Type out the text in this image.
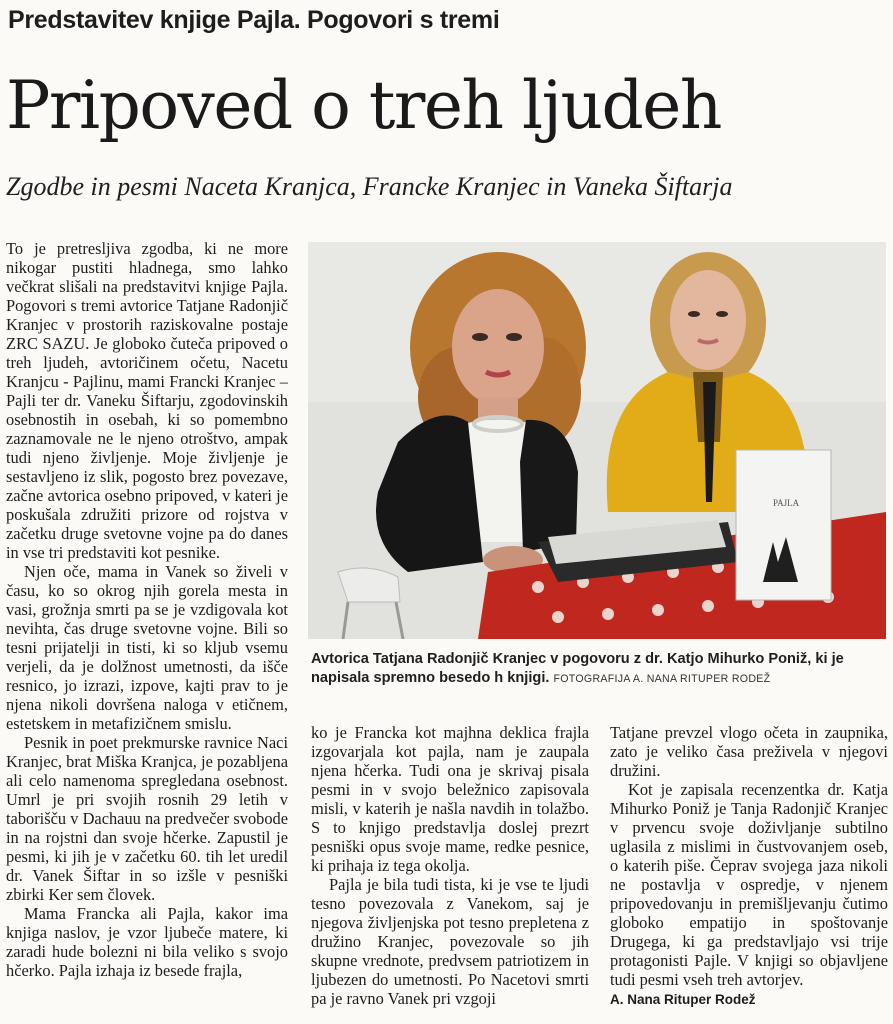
Predstavitev knjige Pajla. Pogovori s tremi
Pripoved o treh ljudeh
Zgodbe in pesmi Naceta Kranjca, Francke Kranjec in Vaneka Šiftarja

To je pretresljiva zgodba, ki ne more nikogar pustiti hladnega, smo lahko večkrat slišali na predstavitvi knjige Pajla. Pogovori s tremi avtorice Tatjane Radonjič Kranjec v prostorih raziskovalne postaje ZRC SAZU. Je globoko čuteča pripoved o treh ljudeh, avtoričinem očetu, Nacetu Kranjcu - Pajlinu, mami Francki Kranjec – Pajli ter dr. Vaneku Šiftarju, zgodovinskih osebnostih in osebah, ki so pomembno zaznamovale ne le njeno otroštvo, ampak tudi njeno življenje. Moje življenje je sestavljeno iz slik, pogosto brez povezave, začne avtorica osebno pripoved, v kateri je poskušala združiti prizore od rojstva v začetku druge svetovne vojne pa do danes in vse tri predstaviti kot pesnike.

Njen oče, mama in Vanek so živeli v času, ko so okrog njih gorela mesta in vasi, grožnja smrti pa se je vzdigovala kot nevihta, čas druge svetovne vojne. Bili so tesni prijatelji in tisti, ki so kljub vsemu verjeli, da je dolžnost umetnosti, da išče resnico, jo izrazi, izpove, kajti prav to je njena nikoli dovršena naloga v etičnem, estetskem in metafizičnem smislu.

Pesnik in poet prekmurske ravnice Naci Kranjec, brat Miška Kranjca, je pozabljena ali celo namenoma spregledana osebnost. Umrl je pri svojih rosnih 29 letih v taborišču v Dachauu na predvečer svobode in na rojstni dan svoje hčerke. Zapustil je pesmi, ki jih je v začetku 60. tih let uredil dr. Vanek Šiftar in so izšle v pesniški zbirki Ker sem človek.

Mama Francka ali Pajla, kakor ima knjiga naslov, je vzor ljubeče matere, ki zaradi hude bolezni ni bila veliko s svojo hčerko. Pajla izhaja iz besede frajla,

PAJLA
Avtorica Tatjana Radonjič Kranjec v pogovoru z dr. Katjo Mihurko Poniž, ki je napisala spremno besedo h knjigi. FOTOGRAFIJA A. NANA RITUPER RODEŽ

ko je Francka kot majhna deklica frajla izgovarjala kot pajla, nam je zaupala njena hčerka. Tudi ona je skrivaj pisala pesmi in v svojo beležnico zapisovala misli, v katerih je našla navdih in tolažbo. S to knjigo predstavlja doslej prezrt pesniški opus svoje mame, redke pesnice, ki prihaja iz tega okolja.

Pajla je bila tudi tista, ki je vse te ljudi tesno povezovala z Vanekom, saj je njegova življenjska pot tesno prepletena z družino Kranjec, povezovale so jih skupne vrednote, predvsem patriotizem in ljubezen do umetnosti. Po Nacetovi smrti pa je ravno Vanek pri vzgoji

Tatjane prevzel vlogo očeta in zaupnika, zato je veliko časa preživela v njegovi družini.

Kot je zapisala recenzentka dr. Katja Mihurko Poniž je Tanja Radonjič Kranjec v prvencu svoje doživljanje subtilno uglasila z mislimi in čustvovanjem oseb, o katerih piše. Čeprav svojega jaza nikoli ne postavlja v ospredje, v njenem pripovedovanju in premišljevanju čutimo globoko empatijo in spoštovanje Drugega, ki ga predstavljajo vsi trije protagonisti Pajle. V knjigi so objavljene tudi pesmi vseh treh avtorjev.

A. Nana Rituper Rodež
